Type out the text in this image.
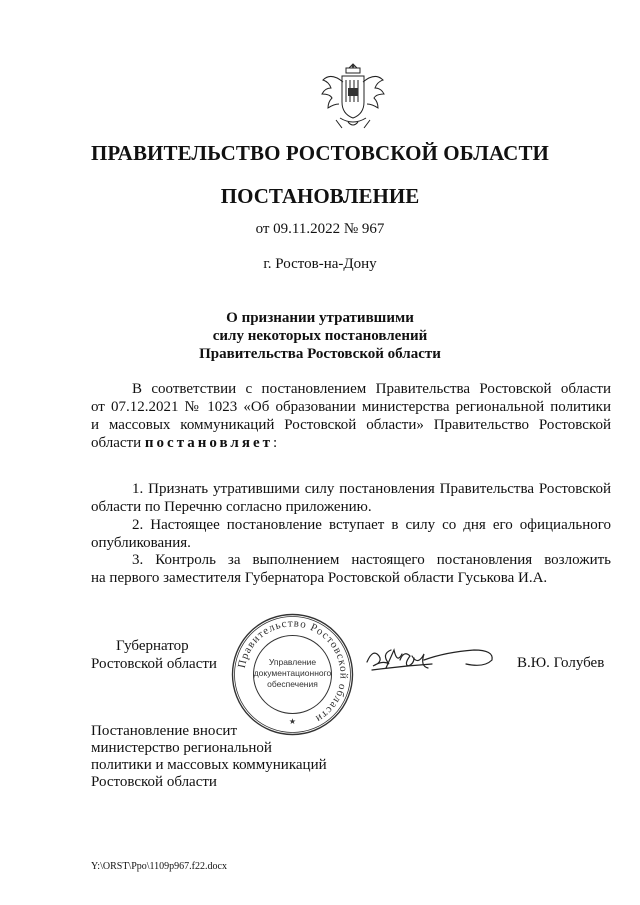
ПРАВИТЕЛЬСТВО РОСТОВСКОЙ ОБЛАСТИ
ПОСТАНОВЛЕНИЕ
от 09.11.2022 № 967
г. Ростов-на-Дону
О признании утратившими
силу некоторых постановлений
Правительства Ростовской области
В соответствии с постановлением Правительства Ростовской области
от 07.12.2021 № 1023 «Об образовании министерства региональной политики
и массовых коммуникаций Ростовской области» Правительство Ростовской
области постановляет:
1. Признать утратившими силу постановления Правительства Ростовской
области по Перечню согласно приложению.
2. Настоящее постановление вступает в силу со дня его официального
опубликования.
3. Контроль за выполнением настоящего постановления возложить
на первого заместителя Губернатора Ростовской области Гуськова И.А.
Губернатор
Ростовской области Правительство Ростовской области
Управление
документационного
обеспечения
★
В.Ю. Голубев
Постановление вносит
министерство региональной
политики и массовых коммуникаций
Ростовской области
Y:\ORST\Ppo\1109p967.f22.docx
